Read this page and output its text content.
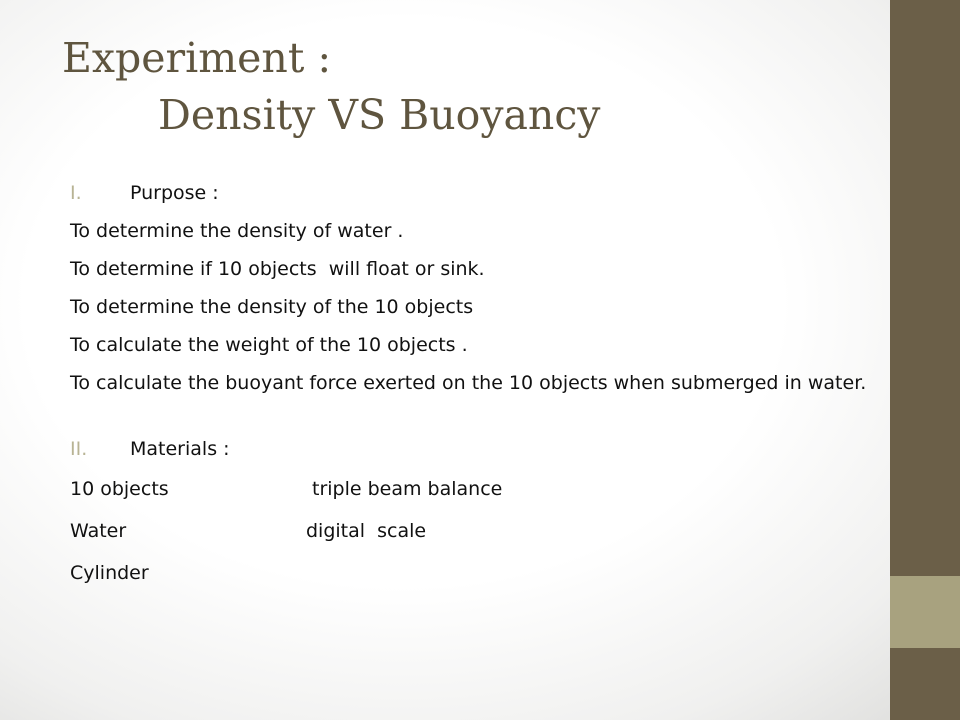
Experiment :
Density VS Buoyancy
I.	Purpose :
To determine the density of water .
To determine if 10 objects  will float or sink.
To determine the density of the 10 objects
To calculate the weight of the 10 objects .
To calculate the buoyant force exerted on the 10 objects when submerged in water.
II. Materials :
10 objects	triple beam balance
Water	digital  scale
Cylinder
